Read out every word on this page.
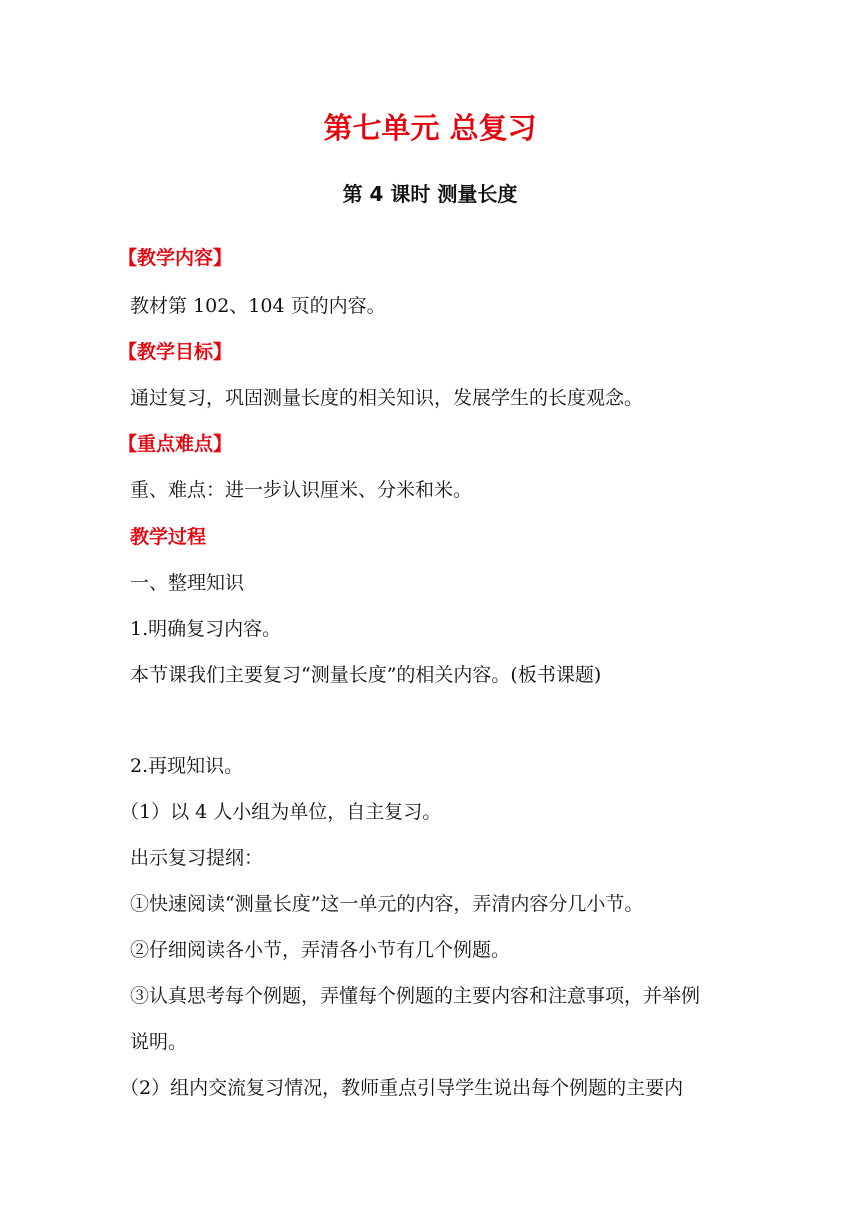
第七单元 总复习
第 4 课时 测量长度

【教学内容】

教材第 102、104 页的内容。

【教学目标】

通过复习，巩固测量长度的相关知识，发展学生的长度观念。

【重点难点】

重、难点：进一步认识厘米、分米和米。

教学过程

一、整理知识

1.明确复习内容。

本节课我们主要复习“测量长度”的相关内容。(板书课题)

2.再现知识。

（1）以 4 人小组为单位，自主复习。

出示复习提纲：

①快速阅读“测量长度”这一单元的内容，弄清内容分几小节。

②仔细阅读各小节，弄清各小节有几个例题。

③认真思考每个例题，弄懂每个例题的主要内容和注意事项，并举例

说明。

（2）组内交流复习情况，教师重点引导学生说出每个例题的主要内
